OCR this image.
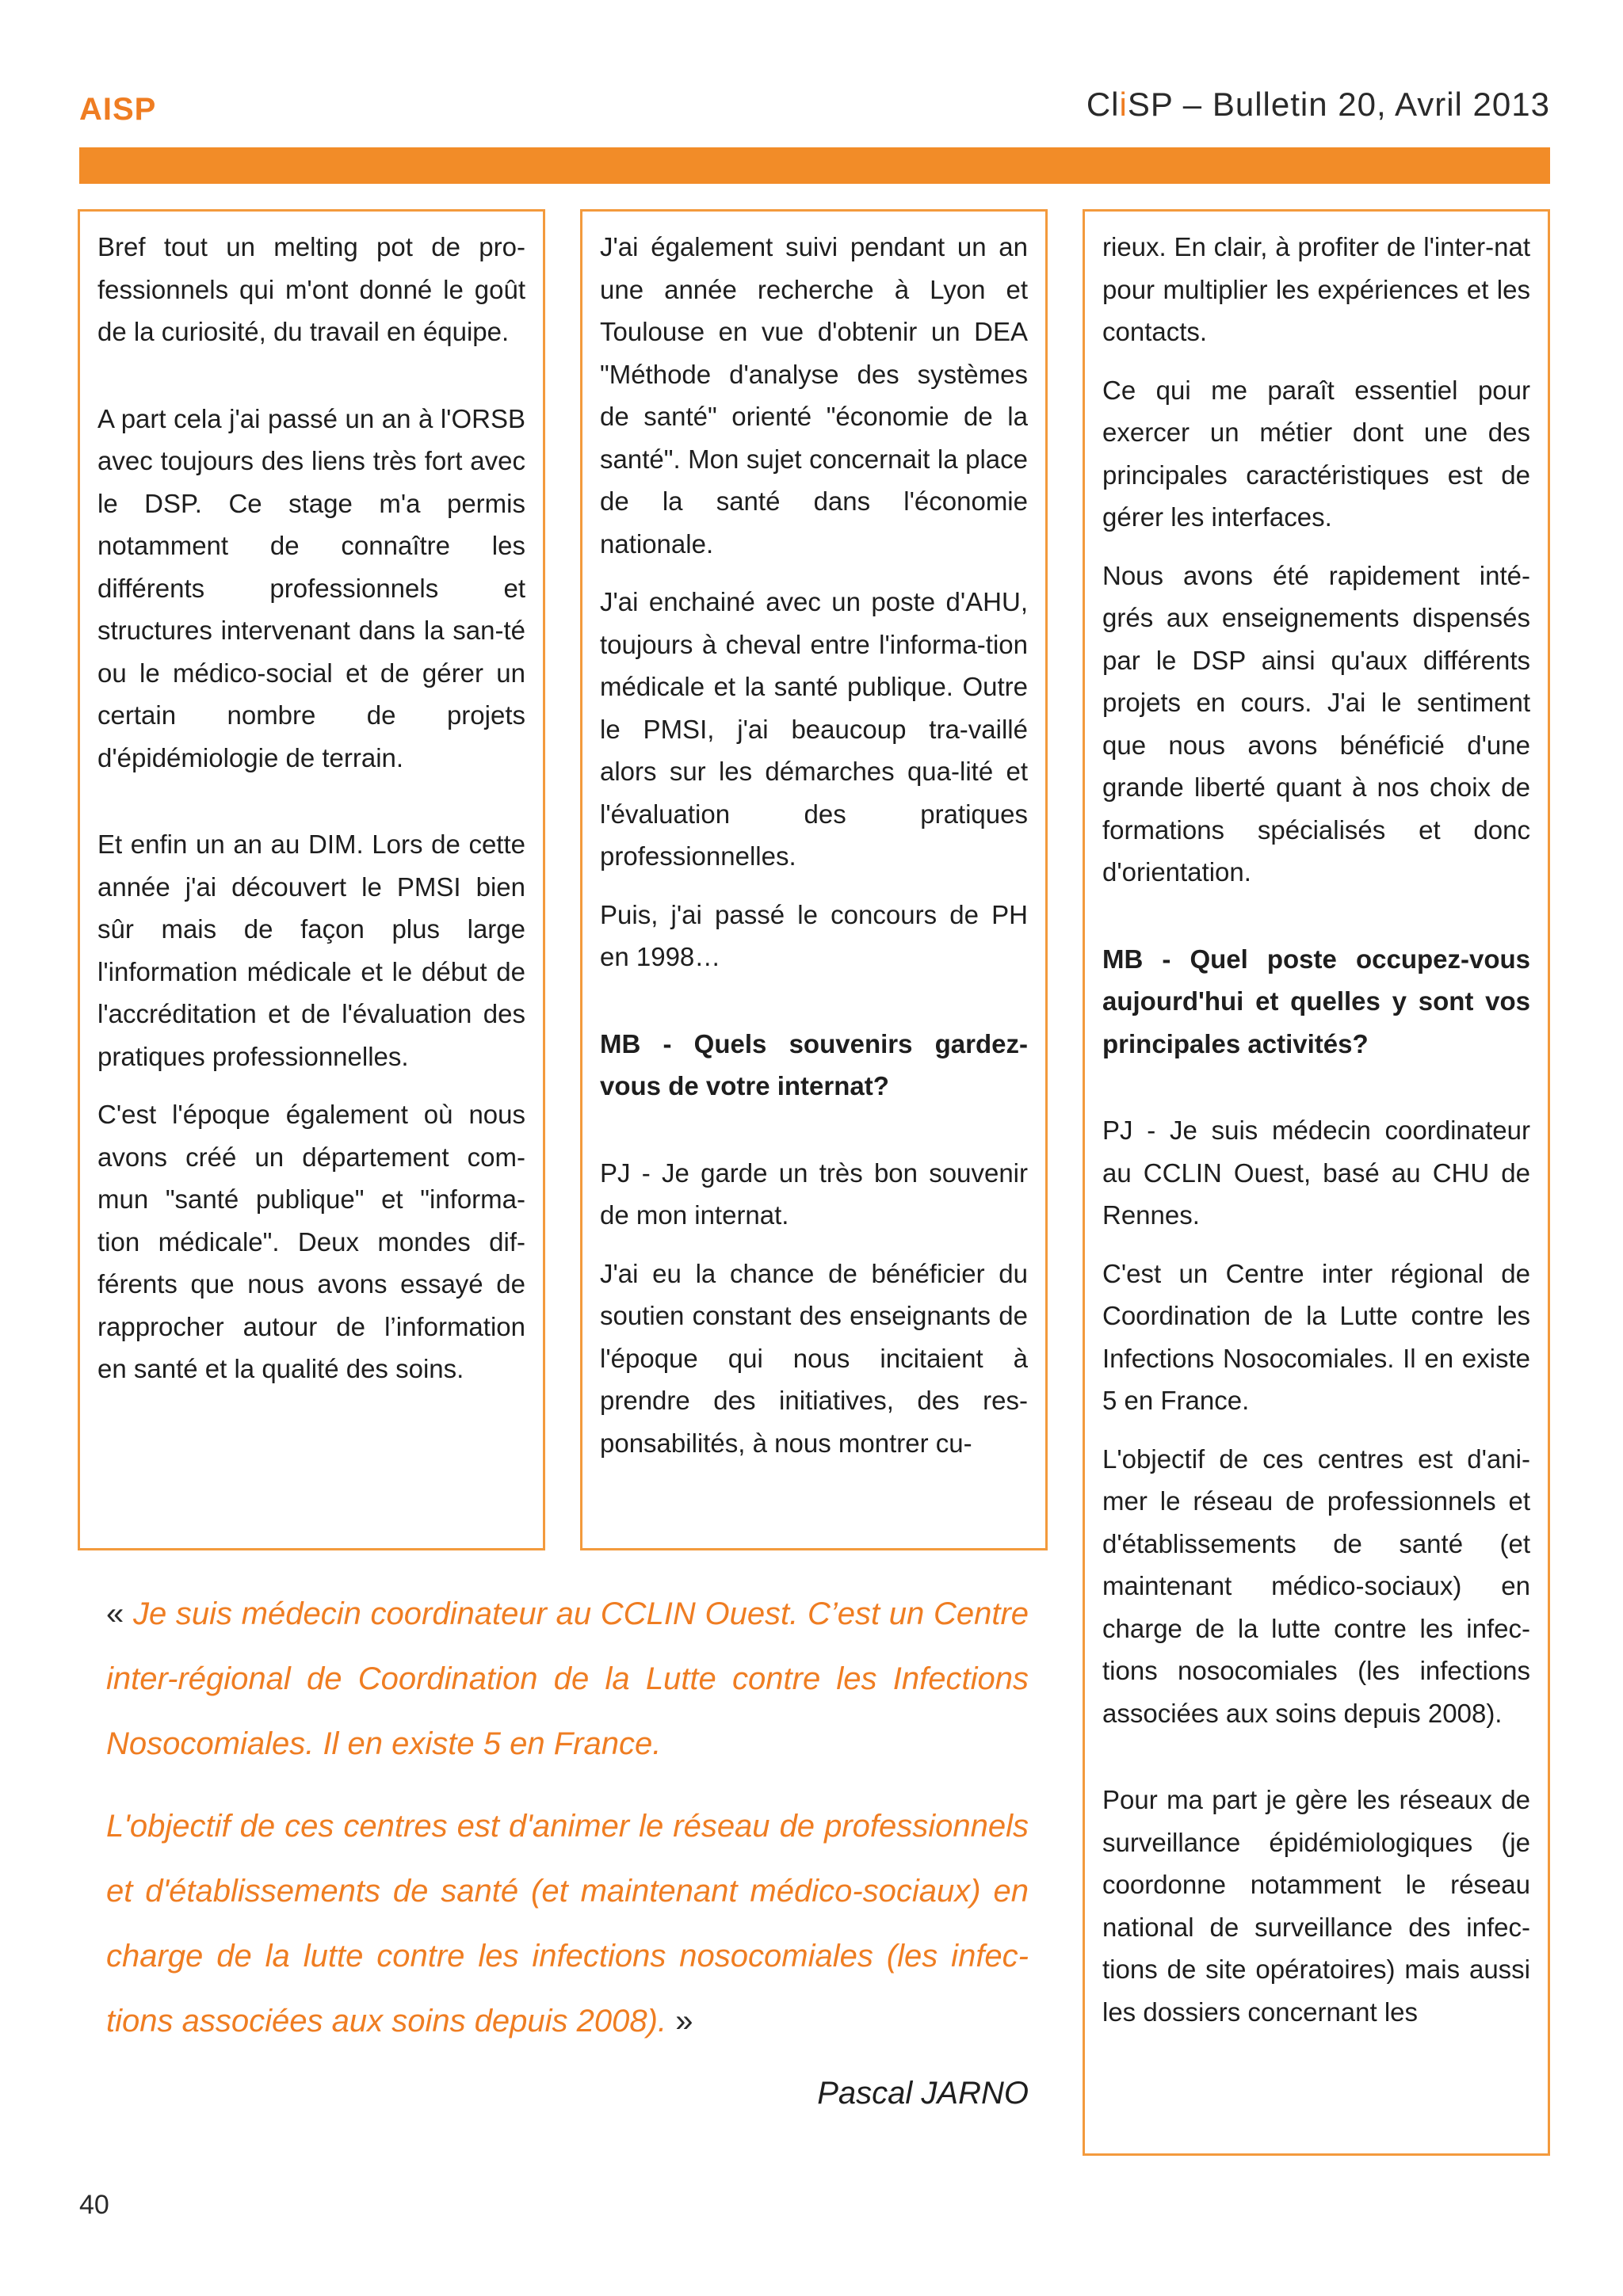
AISP	CliSP – Bulletin 20, Avril 2013

Bref tout un melting pot de pro-fessionnels qui m'ont donné le goût de la curiosité, du travail en équipe.

A part cela j'ai passé un an à l'ORSB avec toujours des liens très fort avec le DSP. Ce stage m'a permis notamment de connaître les différents professionnels et structures intervenant dans la san-té ou le médico-social et de gérer un certain nombre de projets d'épidémiologie de terrain.

Et enfin un an au DIM. Lors de cette année j'ai découvert le PMSI bien sûr mais de façon plus large l'information médicale et le début de l'accréditation et de l'évaluation des pratiques professionnelles.

C'est l'époque également où nous avons créé un département com-mun "santé publique" et "informa-tion médicale". Deux mondes dif-férents que nous avons essayé de rapprocher autour de l’information en santé et la qualité des soins.

J'ai également suivi pendant un an une année recherche à Lyon et Toulouse en vue d'obtenir un DEA "Méthode d'analyse des systèmes de santé" orienté "économie de la santé". Mon sujet concernait la place de la santé dans l'économie nationale.

J'ai enchainé avec un poste d'AHU, toujours à cheval entre l'informa-tion médicale et la santé publique. Outre le PMSI, j'ai beaucoup tra-vaillé alors sur les démarches qua-lité et l'évaluation des pratiques professionnelles.

Puis, j'ai passé le concours de PH en 1998…

MB - Quels souvenirs gardez-vous de votre internat?

PJ - Je garde un très bon souvenir de mon internat.

J'ai eu la chance de bénéficier du soutien constant des enseignants de l'époque qui nous incitaient à prendre des initiatives, des res-ponsabilités, à nous montrer cu-

rieux. En clair, à profiter de l'inter-nat pour multiplier les expériences et les contacts.

Ce qui me paraît essentiel pour exercer un métier dont une des principales caractéristiques est de gérer les interfaces.

Nous avons été rapidement inté-grés aux enseignements dispensés par le DSP ainsi qu'aux différents projets en cours. J'ai le sentiment que nous avons bénéficié d'une grande liberté quant à nos choix de formations spécialisés et donc d'orientation.

MB - Quel poste occupez-vous aujourd'hui et quelles y sont vos principales activités?

PJ - Je suis médecin coordinateur au CCLIN Ouest, basé au CHU de Rennes.

C'est un Centre inter régional de Coordination de la Lutte contre les Infections Nosocomiales. Il en existe 5 en France.

L'objectif de ces centres est d'ani-mer le réseau de professionnels et d'établissements de santé (et maintenant médico-sociaux) en charge de la lutte contre les infec-tions nosocomiales (les infections associées aux soins depuis 2008).

Pour ma part je gère les réseaux de surveillance épidémiologiques (je coordonne notamment le réseau national de surveillance des infec-tions de site opératoires) mais aussi les dossiers concernant les

« Je suis médecin coordinateur au CCLIN Ouest. C’est un Centre inter-régional de Coordination de la Lutte contre les Infections Nosocomiales. Il en existe 5 en France.

L'objectif de ces centres est d'animer le réseau de professionnels et d'établissements de santé (et maintenant médico-sociaux) en charge de la lutte contre les infections nosocomiales (les infec-tions associées aux soins depuis 2008). »

Pascal JARNO
40
